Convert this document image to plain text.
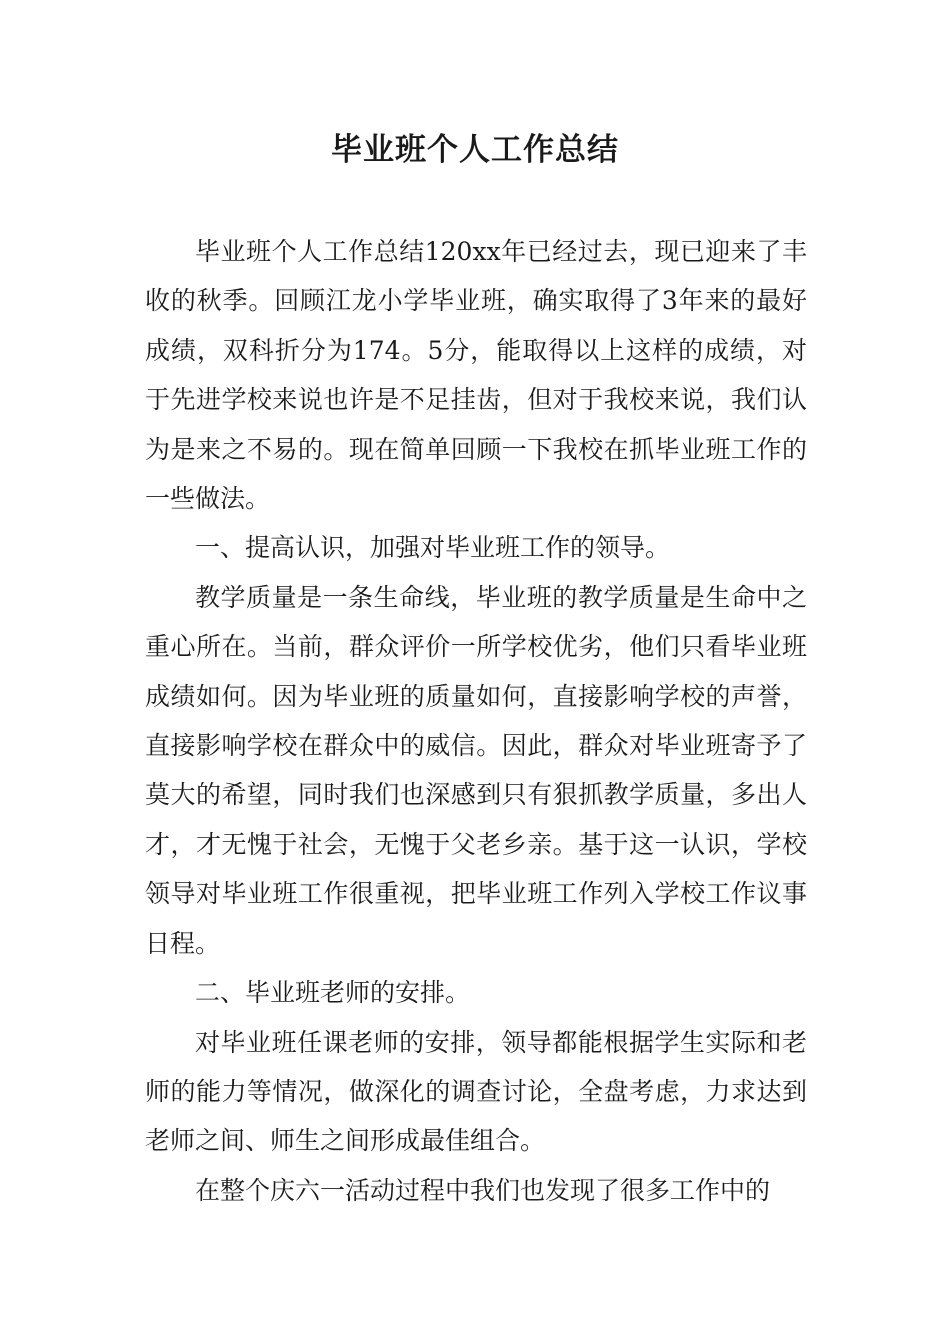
毕业班个人工作总结

毕业班个人工作总结120xx年已经过去，现已迎来了丰收的秋季。回顾江龙小学毕业班，确实取得了3年来的最好成绩，双科折分为174。5分，能取得以上这样的成绩，对于先进学校来说也许是不足挂齿，但对于我校来说，我们认为是来之不易的。现在简单回顾一下我校在抓毕业班工作的一些做法。

一、提高认识，加强对毕业班工作的领导。

教学质量是一条生命线，毕业班的教学质量是生命中之重心所在。当前，群众评价一所学校优劣，他们只看毕业班成绩如何。因为毕业班的质量如何，直接影响学校的声誉，直接影响学校在群众中的威信。因此，群众对毕业班寄予了莫大的希望，同时我们也深感到只有狠抓教学质量，多出人才，才无愧于社会，无愧于父老乡亲。基于这一认识，学校领导对毕业班工作很重视，把毕业班工作列入学校工作议事日程。

二、毕业班老师的安排。

对毕业班任课老师的安排，领导都能根据学生实际和老师的能力等情况，做深化的调查讨论，全盘考虑，力求达到老师之间、师生之间形成最佳组合。

在整个庆六一活动过程中我们也发现了很多工作中的
